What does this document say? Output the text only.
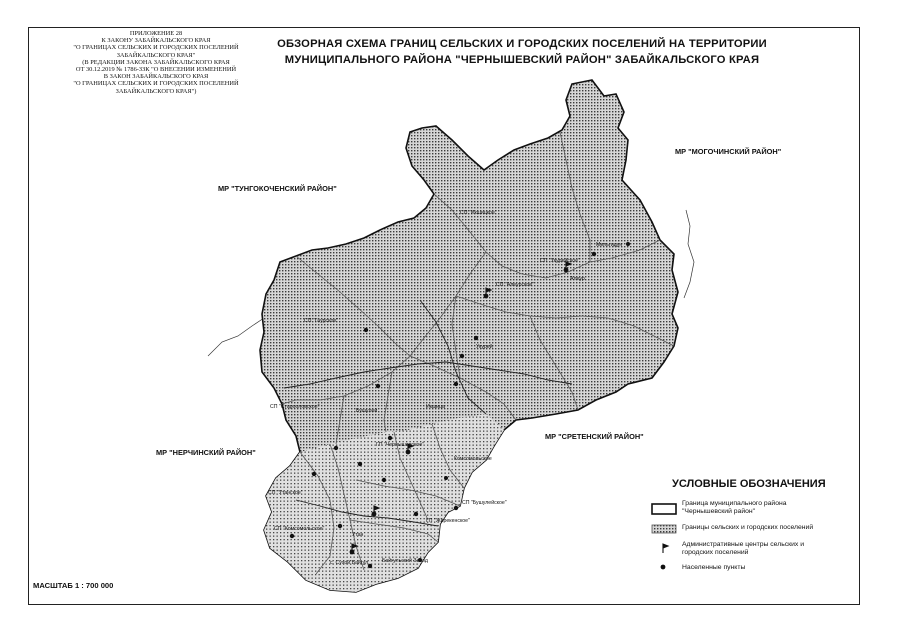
ПРИЛОЖЕНИЕ 28
К ЗАКОНУ ЗАБАЙКАЛЬСКОГО КРАЯ
"О ГРАНИЦАХ СЕЛЬСКИХ И ГОРОДСКИХ ПОСЕЛЕНИЙ
ЗАБАЙКАЛЬСКОГО КРАЯ"
(В РЕДАКЦИИ ЗАКОНА ЗАБАЙКАЛЬСКОГО КРАЯ
ОТ 30.12.2019 № 1786-ЗЗК "О ВНЕСЕНИИ ИЗМЕНЕНИЙ
В ЗАКОН ЗАБАЙКАЛЬСКОГО КРАЯ
"О ГРАНИЦАХ СЕЛЬСКИХ И ГОРОДСКИХ ПОСЕЛЕНИЙ
ЗАБАЙКАЛЬСКОГО КРАЯ")
ОБЗОРНАЯ СХЕМА ГРАНИЦ СЕЛЬСКИХ И ГОРОДСКИХ ПОСЕЛЕНИЙ НА ТЕРРИТОРИИ
МУНИЦИПАЛЬНОГО РАЙОНА "ЧЕРНЫШЕВСКИЙ РАЙОН" ЗАБАЙКАЛЬСКОГО КРАЯ
МР "ТУНГОКОЧЕНСКИЙ РАЙОН"
МР "МОГОЧИНСКИЙ РАЙОН"
МР "НЕРЧИНСКИЙ РАЙОН"
МР "СРЕТЕНСКИЙ РАЙОН"
СП "Алеурское"
СП "Укурейское"
СП "Икшицкое"
СП "Гаурское"
СП "Старооловское"
ГП "Чернышевское"
СП "Утанское"
СП "Комсомольское"
ГП "Жирекенское"
Комсомольское
СП "Бушулейское"
с. Сухой Байгул	Байгульский Завод
Мильгидун
Икшица
Бушулей
Утан
Алеур
Укурей
УСЛОВНЫЕ ОБОЗНАЧЕНИЯ
Граница муниципального района "Чернышевский район"
Границы сельских и городских поселений
Административные центры сельских и городских поселений
Населенные пункты
МАСШТАБ 1 : 700 000
